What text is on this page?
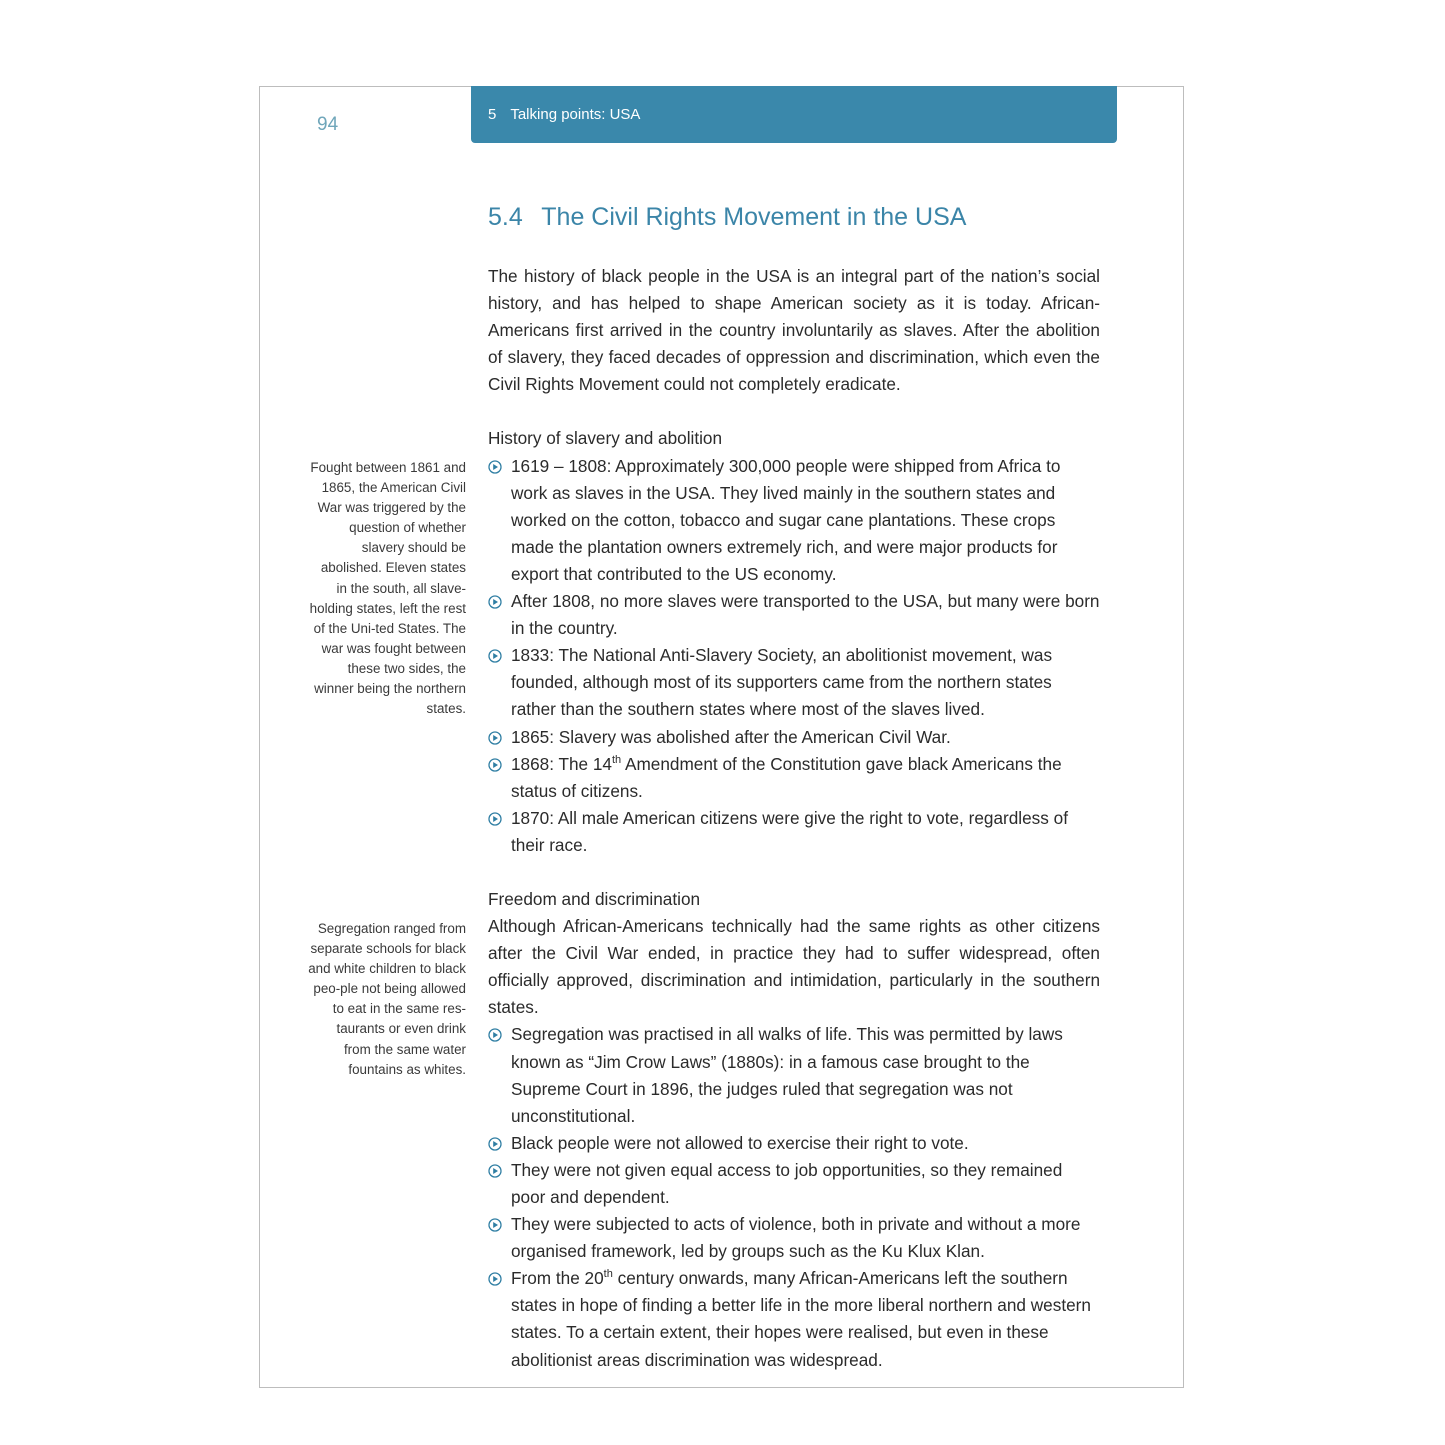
94	5 Talking points: USA
5.4 The Civil Rights Movement in the USA
Fought between 1861 and 1865, the American Civil War was triggered by the question of whether slavery should be abolished. Eleven states in the south, all slave-holding states, left the rest of the Uni-ted States. The war was fought between these two sides, the winner being the northern states.
Segregation ranged from separate schools for black and white children to black peo-ple not being allowed to eat in the same res-taurants or even drink from the same water fountains as whites.

The history of black people in the USA is an integral part of the nation’s social history, and has helped to shape American society as it is today. African-Americans first arrived in the country involuntarily as slaves. After the abolition of slavery, they faced decades of oppression and discrimination, which even the Civil Rights Movement could not completely eradicate.

History of slavery and abolition
1619 – 1808: Approximately 300,000 people were shipped from Africa to work as slaves in the USA. They lived mainly in the southern states and worked on the cotton, tobacco and sugar cane plantations. These crops made the plantation owners extremely rich, and were major products for export that contributed to the US economy.
After 1808, no more slaves were transported to the USA, but many were born in the country.
1833: The National Anti-Slavery Society, an abolitionist movement, was founded, although most of its supporters came from the northern states rather than the southern states where most of the slaves lived.
1865: Slavery was abolished after the American Civil War.
1868: The 14th Amendment of the Constitution gave black Americans the status of citizens.
1870: All male American citizens were give the right to vote, regardless of their race.
Freedom and discrimination

Although African-Americans technically had the same rights as other citizens after the Civil War ended, in practice they had to suffer widespread, often officially approved, discrimination and intimidation, particularly in the southern states.

Segregation was practised in all walks of life. This was permitted by laws known as “Jim Crow Laws” (1880s): in a famous case brought to the Supreme Court in 1896, the judges ruled that segregation was not unconstitutional.
Black people were not allowed to exercise their right to vote.
They were not given equal access to job opportunities, so they remained poor and dependent.
They were subjected to acts of violence, both in private and without a more organised framework, led by groups such as the Ku Klux Klan.
From the 20th century onwards, many African-Americans left the southern states in hope of finding a better life in the more liberal northern and western states. To a certain extent, their hopes were realised, but even in these abolitionist areas discrimination was widespread.
